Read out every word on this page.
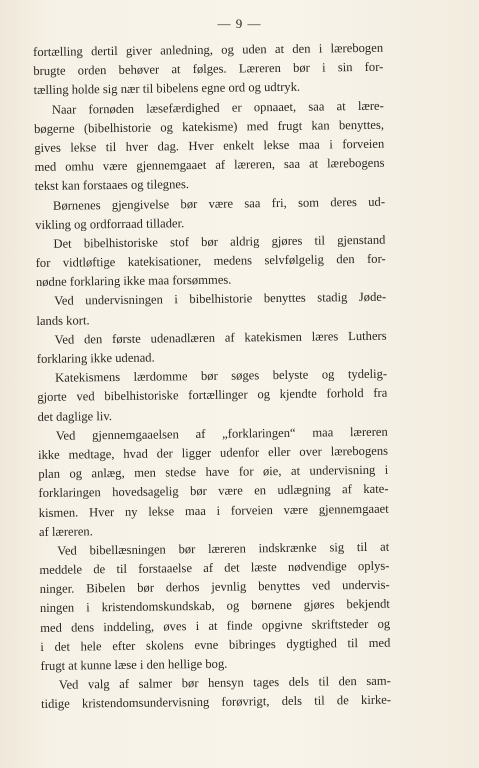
— 9 —
fortælling dertil giver anledning, og uden at den i lærebogen
brugte orden behøver at følges. Læreren bør i sin for-
tælling holde sig nær til bibelens egne ord og udtryk.
Naar fornøden læsefærdighed er opnaaet, saa at lære-
bøgerne (bibelhistorie og katekisme) med frugt kan benyttes,
gives lekse til hver dag. Hver enkelt lekse maa i forveien
med omhu være gjennemgaaet af læreren, saa at lærebogens
tekst kan forstaaes og tilegnes.
Børnenes gjengivelse bør være saa fri, som deres ud-
vikling og ordforraad tillader.
Det bibelhistoriske stof bør aldrig gjøres til gjenstand
for vidtløftige katekisationer, medens selvfølgelig den for-
nødne forklaring ikke maa forsømmes.
Ved undervisningen i bibelhistorie benyttes stadig Jøde-
lands kort.
Ved den første udenadlæren af katekismen læres Luthers
forklaring ikke udenad.
Katekismens lærdomme bør søges belyste og tydelig-
gjorte ved bibelhistoriske fortællinger og kjendte forhold fra
det daglige liv.
Ved gjennemgaaelsen af „forklaringen“ maa læreren
ikke medtage, hvad der ligger udenfor eller over lærebogens
plan og anlæg, men stedse have for øie, at undervisning i
forklaringen hovedsagelig bør være en udlægning af kate-
kismen. Hver ny lekse maa i forveien være gjennemgaaet
af læreren.
Ved bibellæsningen bør læreren indskrænke sig til at
meddele de til forstaaelse af det læste nødvendige oplys-
ninger. Bibelen bør derhos jevnlig benyttes ved undervis-
ningen i kristendomskundskab, og børnene gjøres bekjendt
med dens inddeling, øves i at finde opgivne skriftsteder og
i det hele efter skolens evne bibringes dygtighed til med
frugt at kunne læse i den hellige bog.
Ved valg af salmer bør hensyn tages dels til den sam-
tidige kristendomsundervisning forøvrigt, dels til de kirke-
